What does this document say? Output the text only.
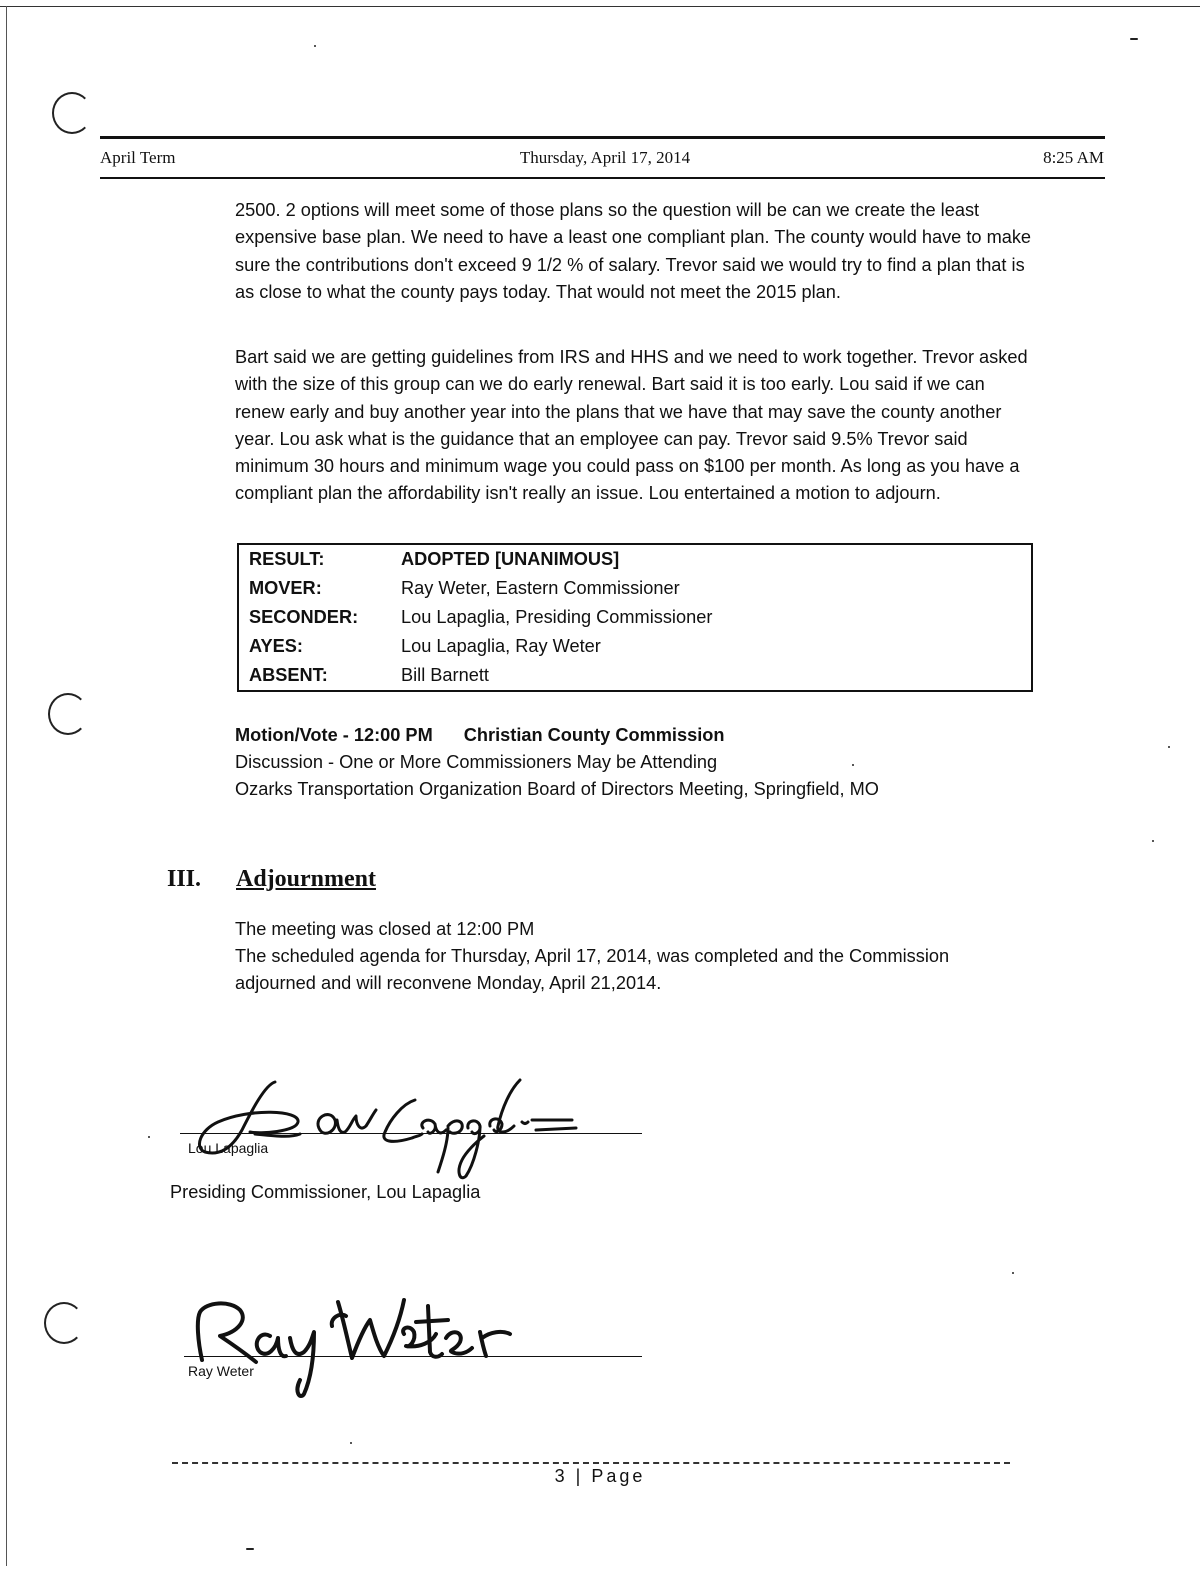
April Term	Thursday, April 17, 2014	8:25 AM

2500. 2 options will meet some of those plans so the question will be can we create the least expensive base plan. We need to have a least one compliant plan. The county would have to make sure the contributions don't exceed 9 1/2 % of salary. Trevor said we would try to find a plan that is as close to what the county pays today. That would not meet the 2015 plan.

Bart said we are getting guidelines from IRS and HHS and we need to work together. Trevor asked with the size of this group can we do early renewal. Bart said it is too early. Lou said if we can renew early and buy another year into the plans that we have that may save the county another year. Lou ask what is the guidance that an employee can pay. Trevor said 9.5% Trevor said minimum 30 hours and minimum wage you could pass on $100 per month. As long as you have a compliant plan the affordability isn't really an issue. Lou entertained a motion to adjourn.

RESULT:	ADOPTED [UNANIMOUS]
MOVER:	Ray Weter, Eastern Commissioner
SECONDER:	Lou Lapaglia, Presiding Commissioner
AYES:	Lou Lapaglia, Ray Weter
ABSENT:	Bill Barnett
Motion/Vote - 12:00 PM Christian County Commission
Discussion - One or More Commissioners May be Attending
Ozarks Transportation Organization Board of Directors Meeting, Springfield, MO
III. Adjournment
The meeting was closed at 12:00 PM
The scheduled agenda for Thursday, April 17, 2014, was completed and the Commission
adjourned and will reconvene Monday, April 21,2014.
Lou Lapaglia
Presiding Commissioner, Lou Lapaglia
Ray Weter
3 | Page
